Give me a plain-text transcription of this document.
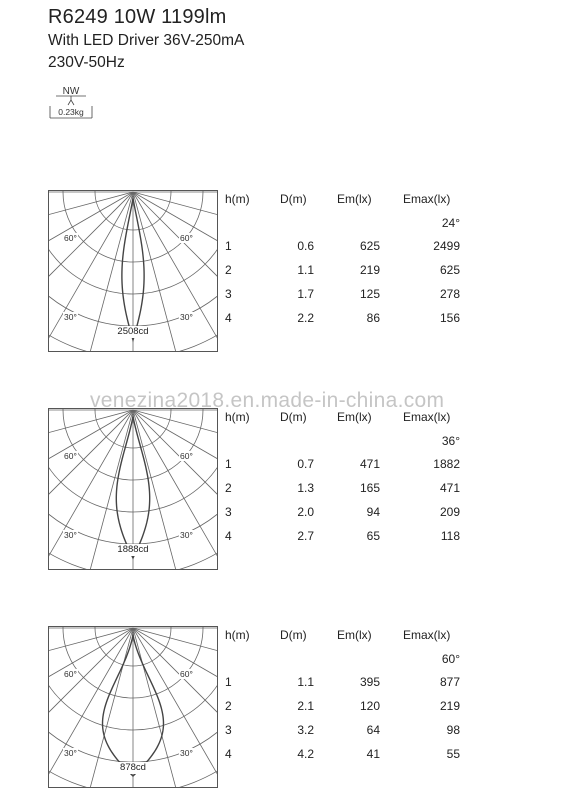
R6249 10W 1199lm
With LED Driver 36V-250mA
230V-50Hz
NW
0.23kg
60°	60°
30°	30°
2508cd
h(m)	D(m)	Em(lx)	Emax(lx)
24°
1	0.6	625	2499
2	1.1	219	625
3	1.7	125	278
4	2.2	86	156
venezina2018.en.made-in-china.com
60°	60°
30°	30°
1888cd
h(m)	D(m)	Em(lx)	Emax(lx)
36°
1	0.7	471	1882
2	1.3	165	471
3	2.0	94	209
4	2.7	65	118
60°	60°
30°	30°
878cd
h(m)	D(m)	Em(lx)	Emax(lx)
60°
1	1.1	395	877
2	2.1	120	219
3	3.2	64	98
4	4.2	41	55
